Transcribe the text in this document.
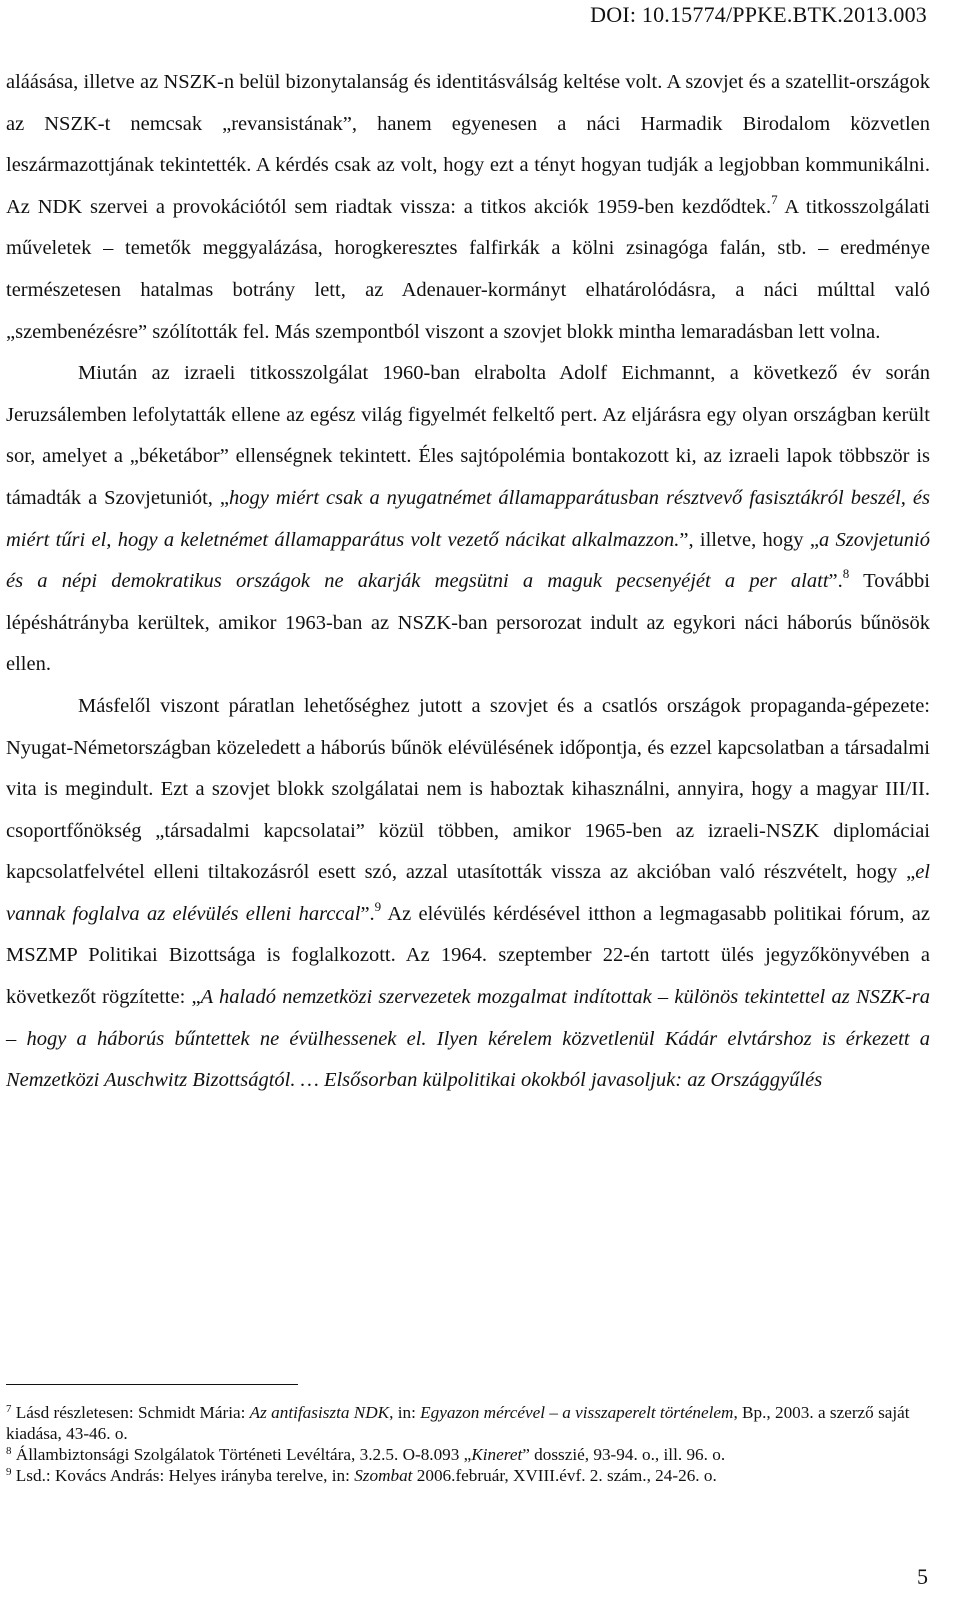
DOI: 10.15774/PPKE.BTK.2013.003

aláásása, illetve az NSZK-n belül bizonytalanság és identitásválság keltése volt. A szovjet és a szatellit-országok az NSZK-t nemcsak „revansistának”, hanem egyenesen a náci Harmadik Birodalom közvetlen leszármazottjának tekintették. A kérdés csak az volt, hogy ezt a tényt hogyan tudják a legjobban kommunikálni. Az NDK szervei a provokációtól sem riadtak vissza: a titkos akciók 1959-ben kezdődtek.$^7$ A titkosszolgálati műveletek – temetők meggyalázása, horogkeresztes falfirkák a kölni zsinagóga falán, stb. – eredménye természetesen hatalmas botrány lett, az Adenauer-kormányt elhatárolódásra, a náci múlttal való „szembenézésre” szólították fel. Más szempontból viszont a szovjet blokk mintha lemaradásban lett volna.

Miután az izraeli titkosszolgálat 1960-ban elrabolta Adolf Eichmannt, a következő év során Jeruzsálemben lefolytatták ellene az egész világ figyelmét felkeltő pert. Az eljárásra egy olyan országban került sor, amelyet a „béketábor” ellenségnek tekintett. Éles sajtópolémia bontakozott ki, az izraeli lapok többször is támadták a Szovjetuniót, „hogy miért csak a nyugatnémet államapparátusban résztvevő fasisztákról beszél, és miért tűri el, hogy a keletnémet államapparátus volt vezető nácikat alkalmazzon.”, illetve, hogy „a Szovjetunió és a népi demokratikus országok ne akarják megsütni a maguk pecsenyéjét a per alatt”.$^8$ További lépéshátrányba kerültek, amikor 1963-ban az NSZK-ban persorozat indult az egykori náci háborús bűnösök ellen.

Másfelől viszont páratlan lehetőséghez jutott a szovjet és a csatlós országok propaganda-gépezete: Nyugat-Németországban közeledett a háborús bűnök elévülésének időpontja, és ezzel kapcsolatban a társadalmi vita is megindult. Ezt a szovjet blokk szolgálatai nem is haboztak kihasználni, annyira, hogy a magyar III/II. csoportfőnökség „társadalmi kapcsolatai” közül többen, amikor 1965-ben az izraeli-NSZK diplomáciai kapcsolatfelvétel elleni tiltakozásról esett szó, azzal utasították vissza az akcióban való részvételt, hogy „el vannak foglalva az elévülés elleni harccal”.$^9$ Az elévülés kérdésével itthon a legmagasabb politikai fórum, az MSZMP Politikai Bizottsága is foglalkozott. Az 1964. szeptember 22-én tartott ülés jegyzőkönyvében a következőt rögzítette: „A haladó nemzetközi szervezetek mozgalmat indítottak – különös tekintettel az NSZK-ra – hogy a háborús bűntettek ne évülhessenek el. Ilyen kérelem közvetlenül Kádár elvtárshoz is érkezett a Nemzetközi Auschwitz Bizottságtól. … Elsősorban külpolitikai okokból javasoljuk: az Országgyűlés

$^7$ Lásd részletesen: Schmidt Mária: Az antifasiszta NDK, in: Egyazon mércével – a visszaperelt történelem, Bp., 2003. a szerző saját kiadása, 43-46. o.

$^8$ Állambiztonsági Szolgálatok Történeti Levéltára, 3.2.5. O-8.093 „Kineret” dosszié, 93-94. o., ill. 96. o.

$^9$ Lsd.: Kovács András: Helyes irányba terelve, in: Szombat 2006.február, XVIII.évf. 2. szám., 24-26. o.

5
